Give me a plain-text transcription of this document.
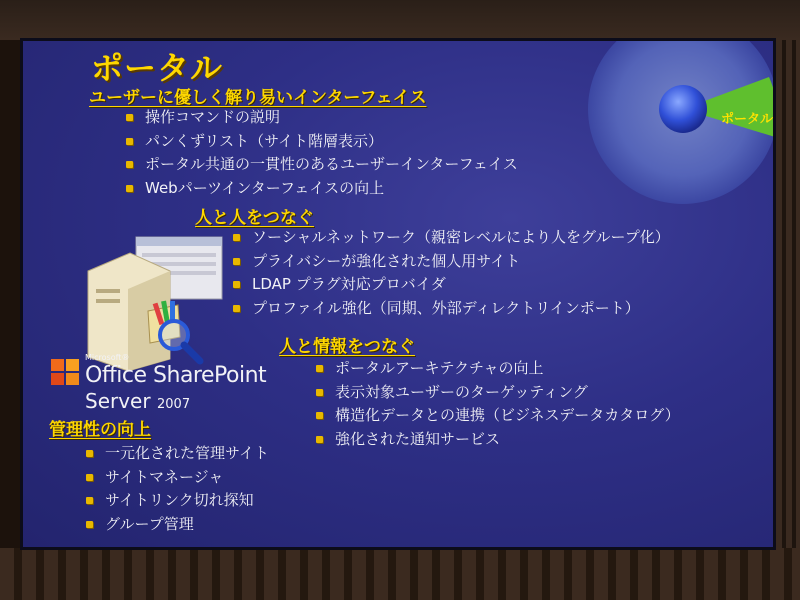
ポータル
ポータル
ユーザーに優しく解り易いインターフェイス
操作コマンドの説明
パンくずリスト（サイト階層表示）
ポータル共通の一貫性のあるユーザーインターフェイス
Webパーツインターフェイスの向上
人と人をつなぐ
ソーシャルネットワーク（親密レベルにより人をグループ化）
プライバシーが強化された個人用サイト
LDAP プラグ対応プロバイダ
プロファイル強化（同期、外部ディレクトリインポート）
Microsoft®
Office SharePoint
Server 2007
人と情報をつなぐ
ポータルアーキテクチャの向上
表示対象ユーザーのターゲッティング
構造化データとの連携（ビジネスデータカタログ）
強化された通知サービス
管理性の向上
一元化された管理サイト
サイトマネージャ
サイトリンク切れ探知
グループ管理
